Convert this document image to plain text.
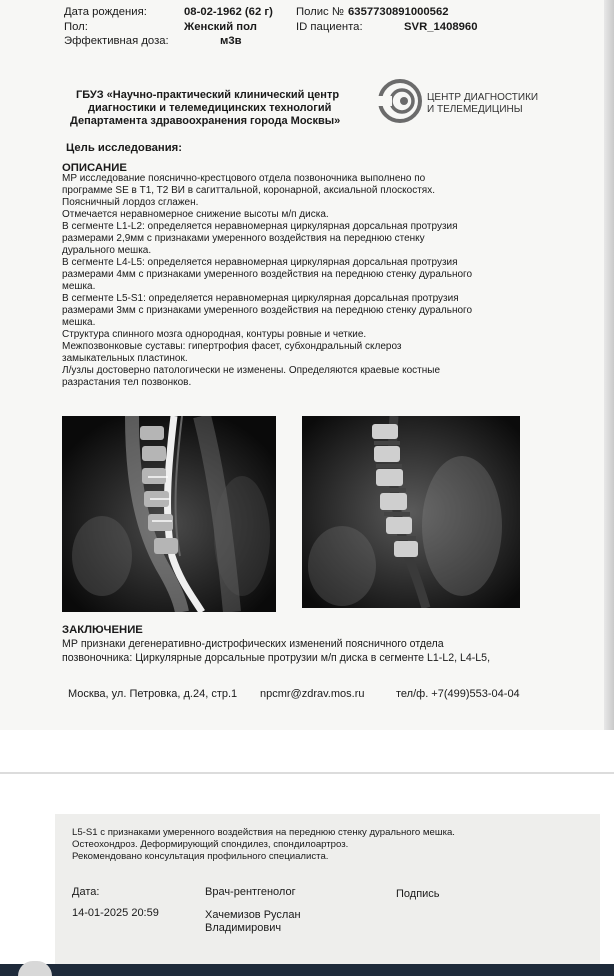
Дата рождения:	08-02-1962 (62 г) Полис № 6357730891000562
Пол:	Женский пол	ID пациента:	SVR_1408960
Эффективная доза:	м3в
ГБУЗ «Научно-практический клинический центр
диагностики и телемедицинских технологий
Департамента здравоохранения города Москвы»
ЦЕНТР ДИАГНОСТИКИ
И ТЕЛЕМЕДИЦИНЫ
Цель исследования:
ОПИСАНИЕ
МР исследование пояснично-крестцового отдела позвоночника выполнено по
программе SE в T1, T2 ВИ в сагиттальной, коронарной, аксиальной плоскостях.
Поясничный лордоз сглажен.
Отмечается неравномерное снижение высоты м/п диска.
В сегменте L1-L2: определяется неравномерная циркулярная дорсальная протрузия
размерами 2,9мм с признаками умеренного воздействия на переднюю стенку
дурального мешка.
В сегменте L4-L5: определяется неравномерная циркулярная дорсальная протрузия
размерами 4мм с признаками умеренного воздействия на переднюю стенку дурального
мешка.
В сегменте L5-S1: определяется неравномерная циркулярная дорсальная протрузия
размерами 3мм с признаками умеренного воздействия на переднюю стенку дурального
мешка.
Структура спинного мозга однородная, контуры ровные и четкие.
Межпозвонковые суставы: гипертрофия фасет, субхондральный склероз
замыкательных пластинок.
Л/узлы достоверно патологически не изменены. Определяются краевые костные
разрастания тел позвонков.
ЗАКЛЮЧЕНИЕ
МР признаки дегенеративно-дистрофических изменений поясничного отдела
позвоночника: Циркулярные дорсальные протрузии м/п диска в сегменте L1-L2, L4-L5,
Москва, ул. Петровка, д.24, стр.1 npcmr@zdrav.mos.ru	тел/ф. +7(499)553-04-04
L5-S1 с признаками умеренного воздействия на переднюю стенку дурального мешка.
Остеохондроз. Деформирующий спондилез, спондилоартроз.
Рекомендовано консультация профильного специалиста.
Дата:	Врач-рентгенолог	Подпись
14-01-2025 20:59	Хачемизов Руслан
Владимирович
